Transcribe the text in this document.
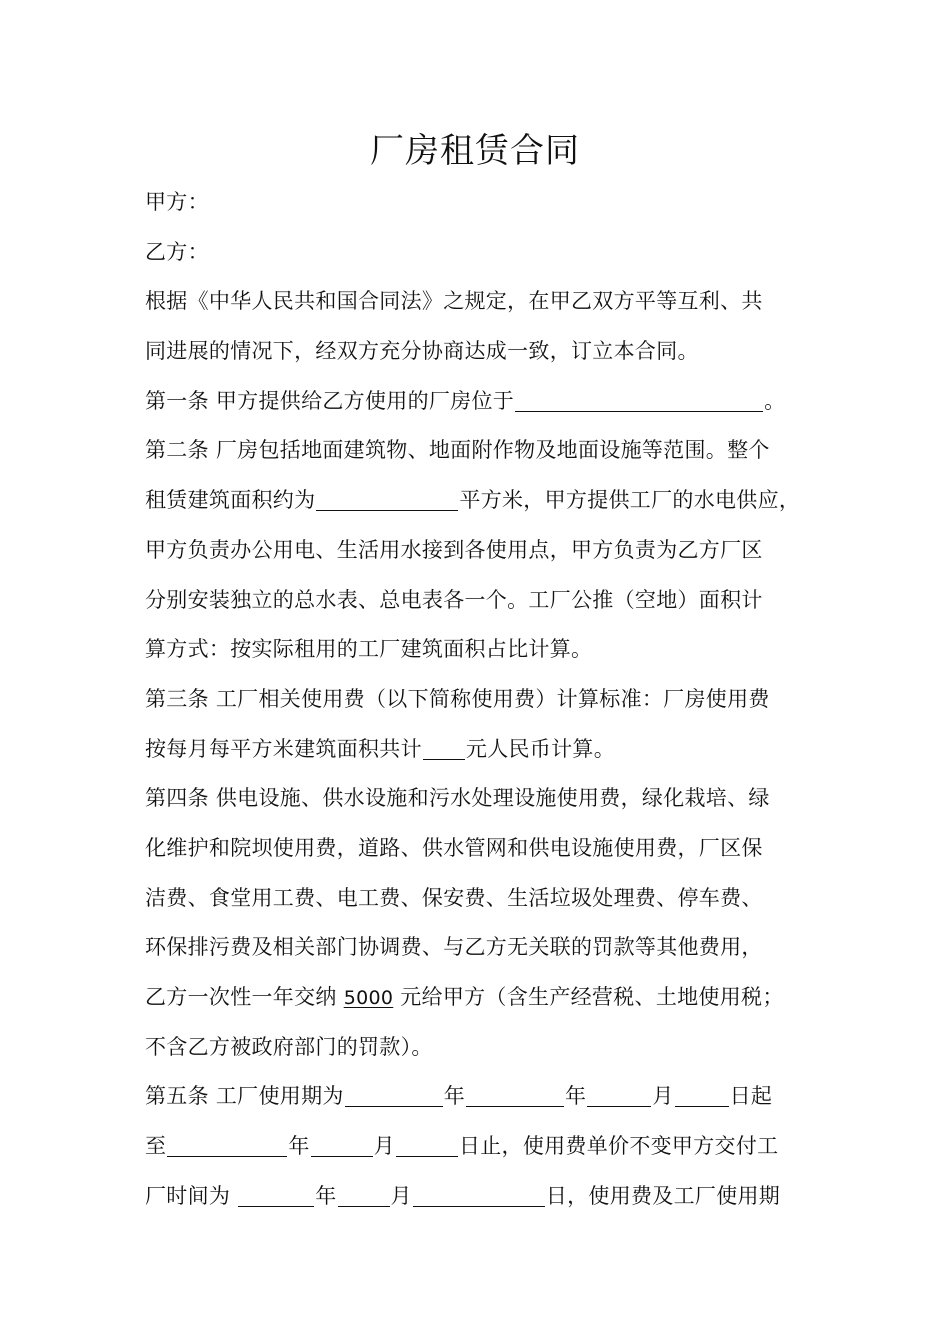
厂房租赁合同
甲方：
乙方：
根据《中华人民共和国合同法》之规定，在甲乙双方平等互利、共
同进展的情况下，经双方充分协商达成一致，订立本合同。
第一条 甲方提供给乙方使用的厂房位于	。
第二条 厂房包括地面建筑物、地面附作物及地面设施等范围。整个
租赁建筑面积约为	平方米，甲方提供工厂的水电供应，
甲方负责办公用电、生活用水接到各使用点，甲方负责为乙方厂区
分别安装独立的总水表、总电表各一个。工厂公推（空地）面积计
算方式：按实际租用的工厂建筑面积占比计算。
第三条 工厂相关使用费（以下简称使用费）计算标准：厂房使用费
按每月每平方米建筑面积共计 元人民币计算。
第四条 供电设施、供水设施和污水处理设施使用费，绿化栽培、绿
化维护和院坝使用费，道路、供水管网和供电设施使用费，厂区保
洁费、食堂用工费、电工费、保安费、生活垃圾处理费、停车费、
环保排污费及相关部门协调费、与乙方无关联的罚款等其他费用，
乙方一次性一年交纳 5000 元给甲方（含生产经营税、土地使用税；
不含乙方被政府部门的罚款）。
第五条 工厂使用期为	年	年	月	日起
至	年	月	日止，使用费单价不变甲方交付工
厂时间为	年	月	日，使用费及工厂使用期
